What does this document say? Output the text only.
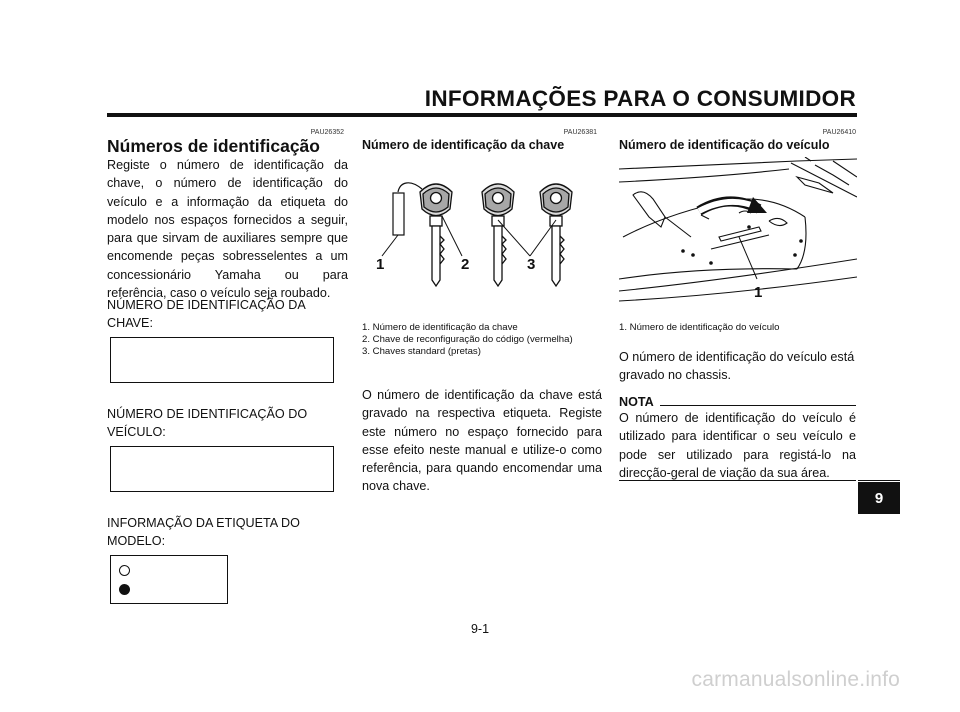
INFORMAÇÕES PARA O CONSUMIDOR
PAU26352
Números de identificação

Registe o número de identificação da chave, o número de identificação do veículo e a informação da etiqueta do modelo nos espaços fornecidos a seguir, para que sirvam de auxiliares sempre que encomende peças sobresselentes a um concessionário Yamaha ou para referência, caso o veículo seja roubado.

NÚMERO DE IDENTIFICAÇÃO DA CHAVE:
NÚMERO DE IDENTIFICAÇÃO DO VEÍCULO:
INFORMAÇÃO DA ETIQUETA DO MODELO:
PAU26381
Número de identificação da chave
1	2	3
1. Número de identificação da chave
2. Chave de reconfiguração do código (vermelha)
3. Chaves standard (pretas)

O número de identificação da chave está gravado na respectiva etiqueta. Registe este número no espaço fornecido para esse efeito neste manual e utilize-o como referência, para quando encomendar uma nova chave.

PAU26410
Número de identificação do veículo
1
1. Número de identificação do veículo

O número de identificação do veículo está gravado no chassis.

NOTA

O número de identificação do veículo é utilizado para identificar o seu veículo e pode ser utilizado para registá-lo na direcção-geral de viação da sua área.

9
9-1
carmanualsonline.info
